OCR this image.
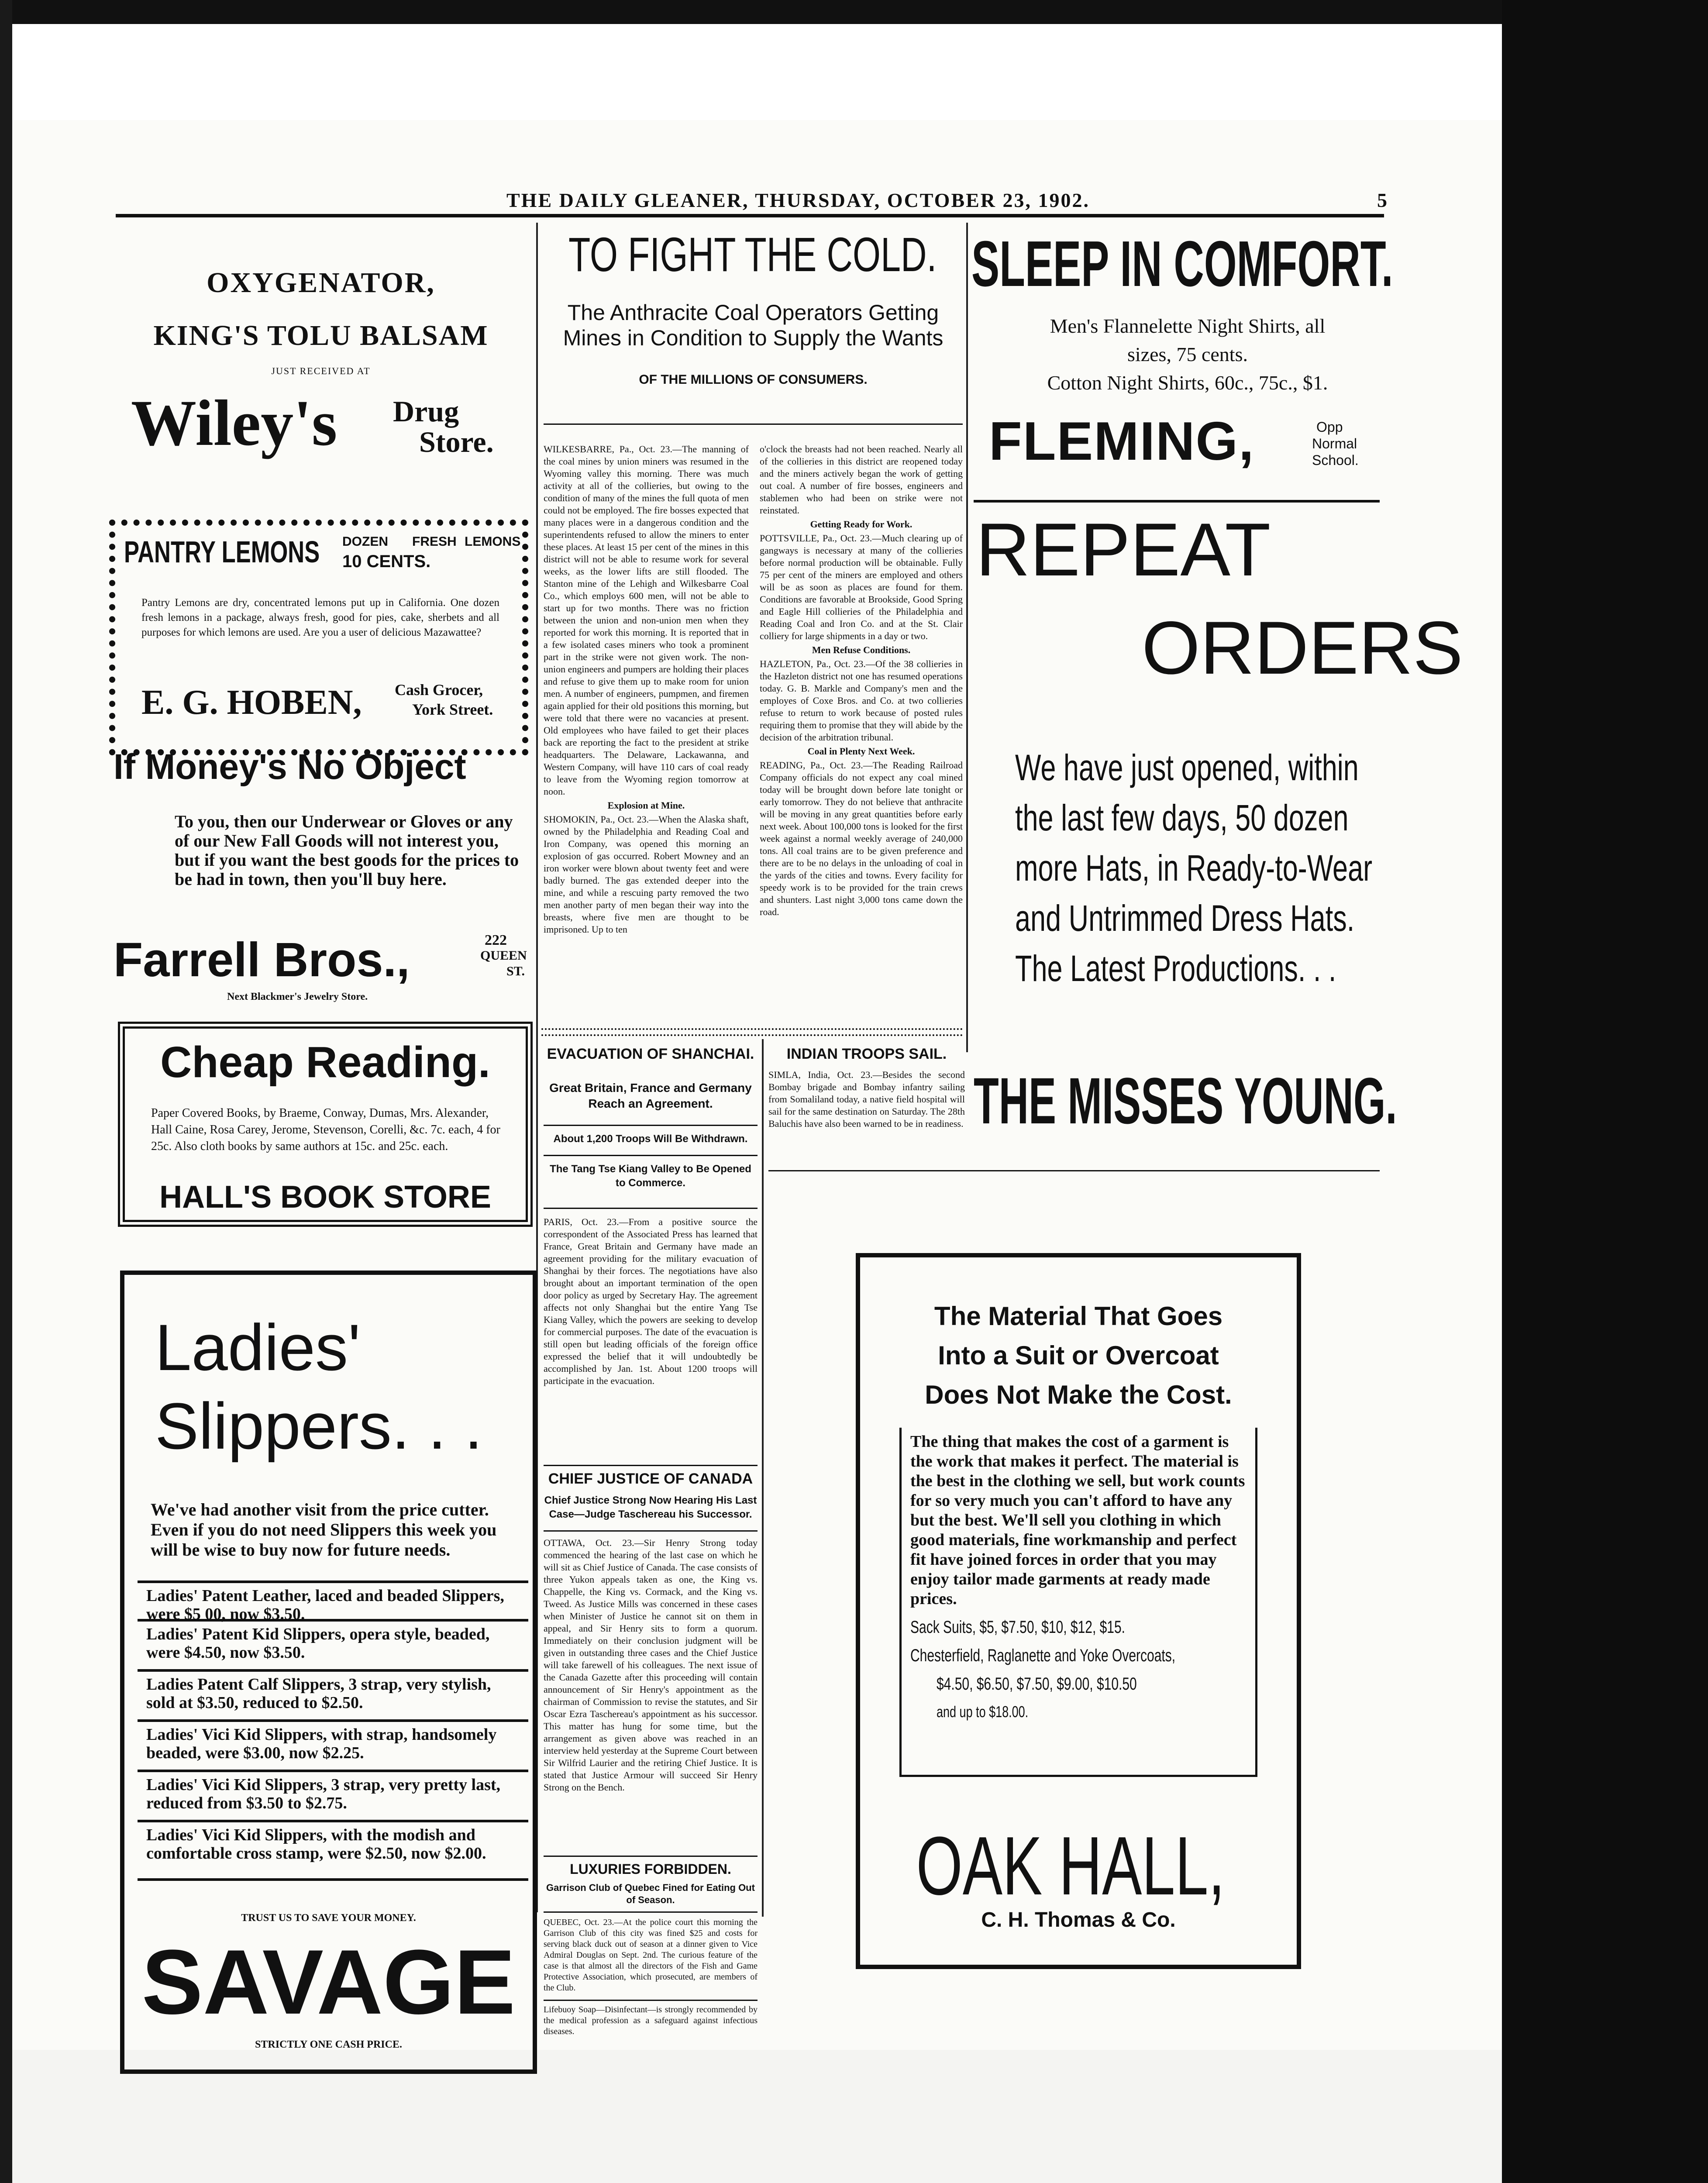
THE DAILY GLEANER, THURSDAY, OCTOBER 23, 1902.	5
OXYGENATOR,
KING'S TOLU BALSAM
JUST RECEIVED AT
Wiley's Drug
Store.
PANTRY LEMONS DOZEN
10 CENTS.
FRESH LEMONS
Pantry Lemons are dry, concentrated lemons put up in California. One dozen fresh lemons in a package, always fresh, good for pies, cake, sherbets and all purposes for which lemons are used. Are you a user of delicious Mazawattee?
E. G. HOBEN, Cash Grocer,
York Street.
If Money's No Object
To you, then our Underwear or Gloves or any of our New Fall Goods will not interest you, but if you want the best goods for the prices to be had in town, then you'll buy here.
Farrell Bros.,	222
QUEEN
ST.
Next Blackmer's Jewelry Store.
Cheap Reading.
Paper Covered Books, by Braeme, Conway, Dumas, Mrs. Alexander, Hall Caine, Rosa Carey, Jerome, Stevenson, Corelli, &c. 7c. each, 4 for 25c. Also cloth books by same authors at 15c. and 25c. each.
HALL'S BOOK STORE
Ladies'
Slippers. . .
We've had another visit from the price cutter. Even if you do not need Slippers this week you will be wise to buy now for future needs.
Ladies' Patent Leather, laced and beaded Slippers, were $5 00, now $3.50.
Ladies' Patent Kid Slippers, opera style, beaded, were $4.50, now $3.50.
Ladies Patent Calf Slippers, 3 strap, very stylish, sold at $3.50, reduced to $2.50.
Ladies' Vici Kid Slippers, with strap, handsomely beaded, were $3.00, now $2.25.
Ladies' Vici Kid Slippers, 3 strap, very pretty last, reduced from $3.50 to $2.75.
Ladies' Vici Kid Slippers, with the modish and comfortable cross stamp, were $2.50, now $2.00.
TRUST US TO SAVE YOUR MONEY.
SAVAGE
STRICTLY ONE CASH PRICE.
TO FIGHT THE COLD.
The Anthracite Coal Operators Getting Mines in Condition to Supply the Wants
OF THE MILLIONS OF CONSUMERS.
WILKESBARRE, Pa., Oct. 23.—The manning of the coal mines by union miners was resumed in the Wyoming valley this morning. There was much activity at all of the collieries, but owing to the condition of many of the mines the full quota of men could not be employed. The fire bosses expected that many places were in a dangerous condition and the superintendents refused to allow the miners to enter these places. At least 15 per cent of the mines in this district will not be able to resume work for several weeks, as the lower lifts are still flooded. The Stanton mine of the Lehigh and Wilkesbarre Coal Co., which employs 600 men, will not be able to start up for two months. There was no friction between the union and non-union men when they reported for work this morning. It is reported that in a few isolated cases miners who took a prominent part in the strike were not given work. The non-union engineers and pumpers are holding their places and refuse to give them up to make room for union men. A number of engineers, pumpmen, and firemen again applied for their old positions this morning, but were told that there were no vacancies at present. Old employees who have failed to get their places back are reporting the fact to the president at strike headquarters. The Delaware, Lackawanna, and Western Company, will have 110 cars of coal ready to leave from the Wyoming region tomorrow at noon.
Explosion at Mine.
SHOMOKIN, Pa., Oct. 23.—When the Alaska shaft, owned by the Philadelphia and Reading Coal and Iron Company, was opened this morning an explosion of gas occurred. Robert Mowney and an iron worker were blown about twenty feet and were badly burned. The gas extended deeper into the mine, and while a rescuing party removed the two men another party of men began their way into the breasts, where five men are thought to be imprisoned. Up to ten
o'clock the breasts had not been reached. Nearly all of the collieries in this district are reopened today and the miners actively began the work of getting out coal. A number of fire bosses, engineers and stablemen who had been on strike were not reinstated.
Getting Ready for Work.
POTTSVILLE, Pa., Oct. 23.—Much clearing up of gangways is necessary at many of the collieries before normal production will be obtainable. Fully 75 per cent of the miners are employed and others will be as soon as places are found for them. Conditions are favorable at Brookside, Good Spring and Eagle Hill collieries of the Philadelphia and Reading Coal and Iron Co. and at the St. Clair colliery for large shipments in a day or two.
Men Refuse Conditions.
HAZLETON, Pa., Oct. 23.—Of the 38 collieries in the Hazleton district not one has resumed operations today. G. B. Markle and Company's men and the employes of Coxe Bros. and Co. at two collieries refuse to return to work because of posted rules requiring them to promise that they will abide by the decision of the arbitration tribunal.
Coal in Plenty Next Week.
READING, Pa., Oct. 23.—The Reading Railroad Company officials do not expect any coal mined today will be brought down before late tonight or early tomorrow. They do not believe that anthracite will be moving in any great quantities before early next week. About 100,000 tons is looked for the first week against a normal weekly average of 240,000 tons. All coal trains are to be given preference and there are to be no delays in the unloading of coal in the yards of the cities and towns. Every facility for speedy work is to be provided for the train crews and shunters. Last night 3,000 tons came down the road.
EVACUATION OF SHANCHAI.
Great Britain, France and Germany Reach an Agreement.
About 1,200 Troops Will Be Withdrawn.
The Tang Tse Kiang Valley to Be Opened to Commerce.
PARIS, Oct. 23.—From a positive source the correspondent of the Associated Press has learned that France, Great Britain and Germany have made an agreement providing for the military evacuation of Shanghai by their forces. The negotiations have also brought about an important termination of the open door policy as urged by Secretary Hay. The agreement affects not only Shanghai but the entire Yang Tse Kiang Valley, which the powers are seeking to develop for commercial purposes. The date of the evacuation is still open but leading officials of the foreign office expressed the belief that it will undoubtedly be accomplished by Jan. 1st. About 1200 troops will participate in the evacuation.
CHIEF JUSTICE OF CANADA
Chief Justice Strong Now Hearing His Last Case—Judge Taschereau his Successor.
OTTAWA, Oct. 23.—Sir Henry Strong today commenced the hearing of the last case on which he will sit as Chief Justice of Canada. The case consists of three Yukon appeals taken as one, the King vs. Chappelle, the King vs. Cormack, and the King vs. Tweed. As Justice Mills was concerned in these cases when Minister of Justice he cannot sit on them in appeal, and Sir Henry sits to form a quorum. Immediately on their conclusion judgment will be given in outstanding three cases and the Chief Justice will take farewell of his colleagues. The next issue of the Canada Gazette after this proceeding will contain announcement of Sir Henry's appointment as the chairman of Commission to revise the statutes, and Sir Oscar Ezra Taschereau's appointment as his successor. This matter has hung for some time, but the arrangement as given above was reached in an interview held yesterday at the Supreme Court between Sir Wilfrid Laurier and the retiring Chief Justice. It is stated that Justice Armour will succeed Sir Henry Strong on the Bench.
LUXURIES FORBIDDEN.
Garrison Club of Quebec Fined for Eating Out of Season.
QUEBEC, Oct. 23.—At the police court this morning the Garrison Club of this city was fined $25 and costs for serving black duck out of season at a dinner given to Vice Admiral Douglas on Sept. 2nd. The curious feature of the case is that almost all the directors of the Fish and Game Protective Association, which prosecuted, are members of the Club.
Lifebuoy Soap—Disinfectant—is strongly recommended by the medical profession as a safeguard against infectious diseases.
INDIAN TROOPS SAIL.
SIMLA, India, Oct. 23.—Besides the second Bombay brigade and Bombay infantry sailing from Somaliland today, a native field hospital will sail for the same destination on Saturday. The 28th Baluchis have also been warned to be in readiness.
SLEEP IN COMFORT.
Men's Flannelette Night Shirts, all
sizes, 75 cents.
Cotton Night Shirts, 60c., 75c., $1.
FLEMING,	Opp
Normal
School.
REPEAT
ORDERS
We have just opened, within
the last few days, 50 dozen
more Hats, in Ready-to-Wear
and Untrimmed Dress Hats.
The Latest Productions. . .
THE MISSES YOUNG.
The Material That Goes
Into a Suit or Overcoat
Does Not Make the Cost.
The thing that makes the cost of a garment is the work that makes it perfect. The material is the best in the clothing we sell, but work counts for so very much you can't afford to have any but the best. We'll sell you clothing in which good materials, fine workmanship and perfect fit have joined forces in order that you may enjoy tailor made garments at ready made prices.
Sack Suits, $5, $7.50, $10, $12, $15.
Chesterfield, Raglanette and Yoke Overcoats,
$4.50, $6.50, $7.50, $9.00, $10.50
and up to $18.00.
OAK HALL,
C. H. Thomas & Co.
